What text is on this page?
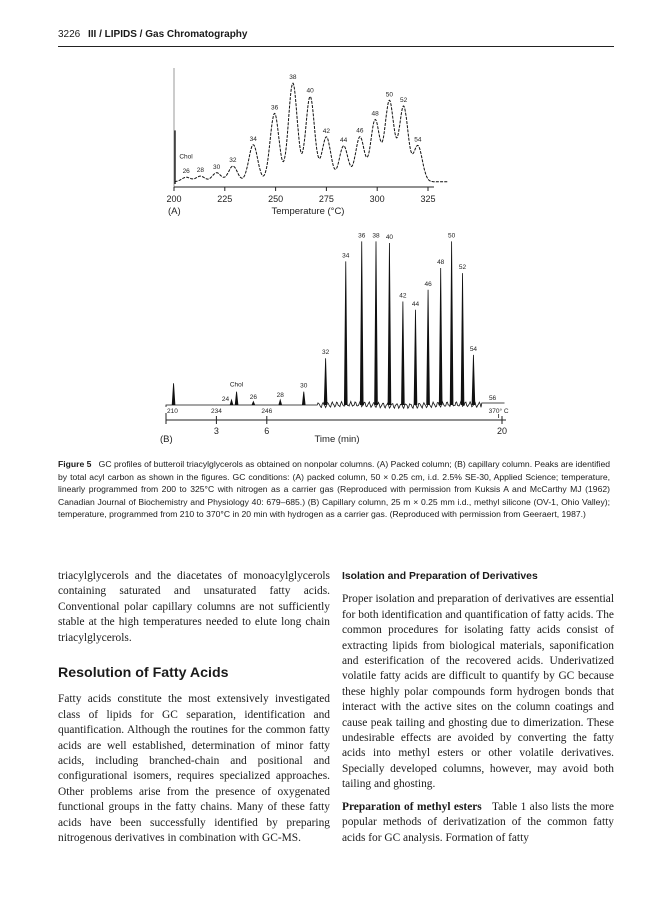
3226 III / LIPIDS / Gas Chromatography
200	225	250	275	300	325
Chol
26 28 30
32
34
36
38
40
42
44
46
48
50
52
54
(A)	Temperature (°C)
3	6	20
210	234	246	370° C
24
Chol
26	28
30
32
34
36 38 40
42
44
46
48
50
52
54
56
(B)	Time (min)
Figure 5 GC profiles of butteroil triacylglycerols as obtained on nonpolar columns. (A) Packed column; (B) capillary column. Peaks are identified by total acyl carbon as shown in the figures. GC conditions: (A) packed column, 50 × 0.25 cm, i.d. 2.5% SE-30, Applied Science; temperature, linearly programmed from 200 to 325°C with nitrogen as a carrier gas (Reproduced with permission from Kuksis A and McCarthy MJ (1962) Canadian Journal of Biochemistry and Physiology 40: 679–685.) (B) Capillary column, 25 m × 0.25 mm i.d., methyl silicone (OV-1, Ohio Valley); temperature, programmed from 210 to 370°C in 20 min with hydrogen as a carrier gas. (Reproduced with permission from Geeraert, 1987.)

triacylglycerols and the diacetates of monoacylglycerols containing saturated and unsaturated fatty acids. Conventional polar capillary columns are not sufficiently stable at the high temperatures needed to elute long chain triacylglycerols.

Resolution of Fatty Acids

Fatty acids constitute the most extensively investigated class of lipids for GC separation, identification and quantification. Although the routines for the common fatty acids are well established, determination of minor fatty acids, including branched-chain and positional and configurational isomers, requires specialized approaches. Other problems arise from the presence of oxygenated functional groups in the fatty chains. Many of these fatty acids have been successfully identified by preparing nitrogenous derivatives in combination with GC-MS.

Isolation and Preparation of Derivatives

Proper isolation and preparation of derivatives are essential for both identification and quantification of fatty acids. The common procedures for isolating fatty acids consist of extracting lipids from biological materials, saponification and esterification of the recovered acids. Underivatized volatile fatty acids are difficult to quantify by GC because these highly polar compounds form hydrogen bonds that interact with the active sites on the column coatings and cause peak tailing and ghosting due to dimerization. These undesirable effects are avoided by converting the fatty acids into methyl esters or other volatile derivatives. Specially developed columns, however, may avoid both tailing and ghosting.

Preparation of methyl esters Table 1 also lists the more popular methods of derivatization of the common fatty acids for GC analysis. Formation of fatty
